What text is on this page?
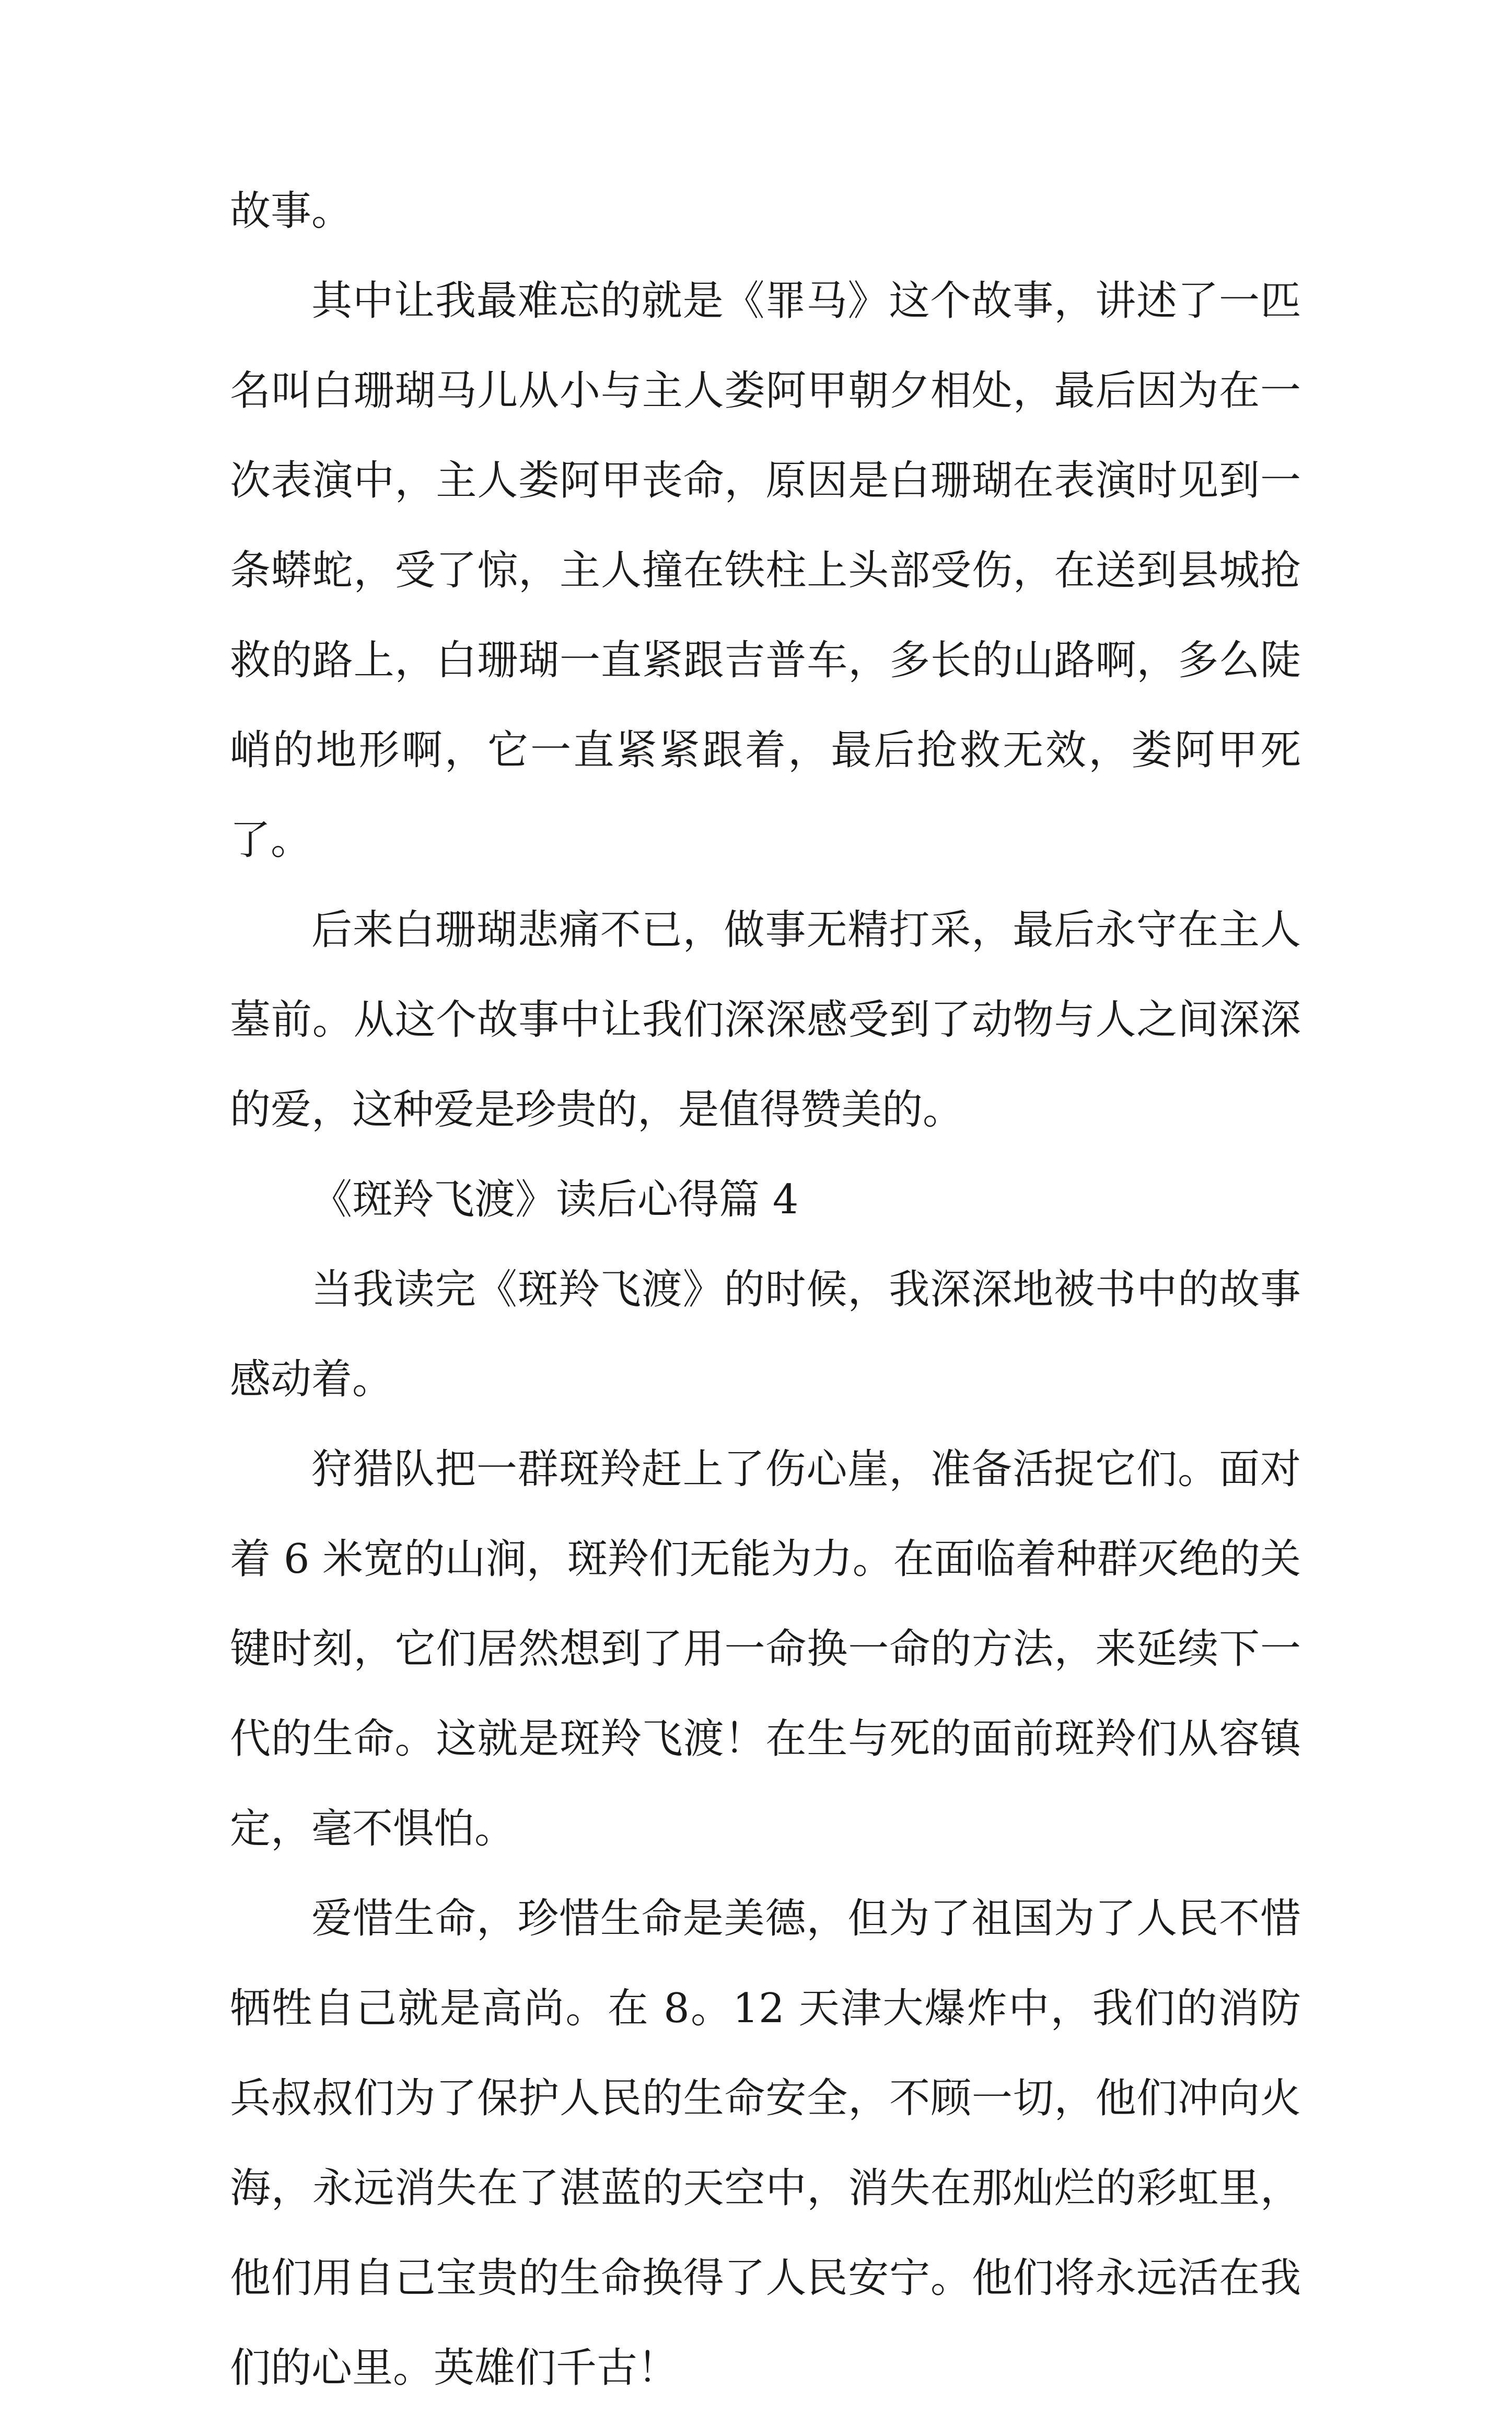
故事。

其中让我最难忘的就是《罪马》这个故事，讲述了一匹名叫白珊瑚马儿从小与主人娄阿甲朝夕相处，最后因为在一次表演中，主人娄阿甲丧命，原因是白珊瑚在表演时见到一条蟒蛇，受了惊，主人撞在铁柱上头部受伤，在送到县城抢救的路上，白珊瑚一直紧跟吉普车，多长的山路啊，多么陡峭的地形啊，它一直紧紧跟着，最后抢救无效，娄阿甲死了。

后来白珊瑚悲痛不已，做事无精打采，最后永守在主人墓前。从这个故事中让我们深深感受到了动物与人之间深深的爱，这种爱是珍贵的，是值得赞美的。

《斑羚飞渡》读后心得篇 4

当我读完《斑羚飞渡》的时候，我深深地被书中的故事感动着。

狩猎队把一群斑羚赶上了伤心崖，准备活捉它们。面对着 6 米宽的山涧，斑羚们无能为力。在面临着种群灭绝的关键时刻，它们居然想到了用一命换一命的方法，来延续下一代的生命。这就是斑羚飞渡！在生与死的面前斑羚们从容镇定，毫不惧怕。

爱惜生命，珍惜生命是美德，但为了祖国为了人民不惜牺牲自己就是高尚。在 8。12 天津大爆炸中，我们的消防兵叔叔们为了保护人民的生命安全，不顾一切，他们冲向火海，永远消失在了湛蓝的天空中，消失在那灿烂的彩虹里，他们用自己宝贵的生命换得了人民安宁。他们将永远活在我们的心里。英雄们千古！
